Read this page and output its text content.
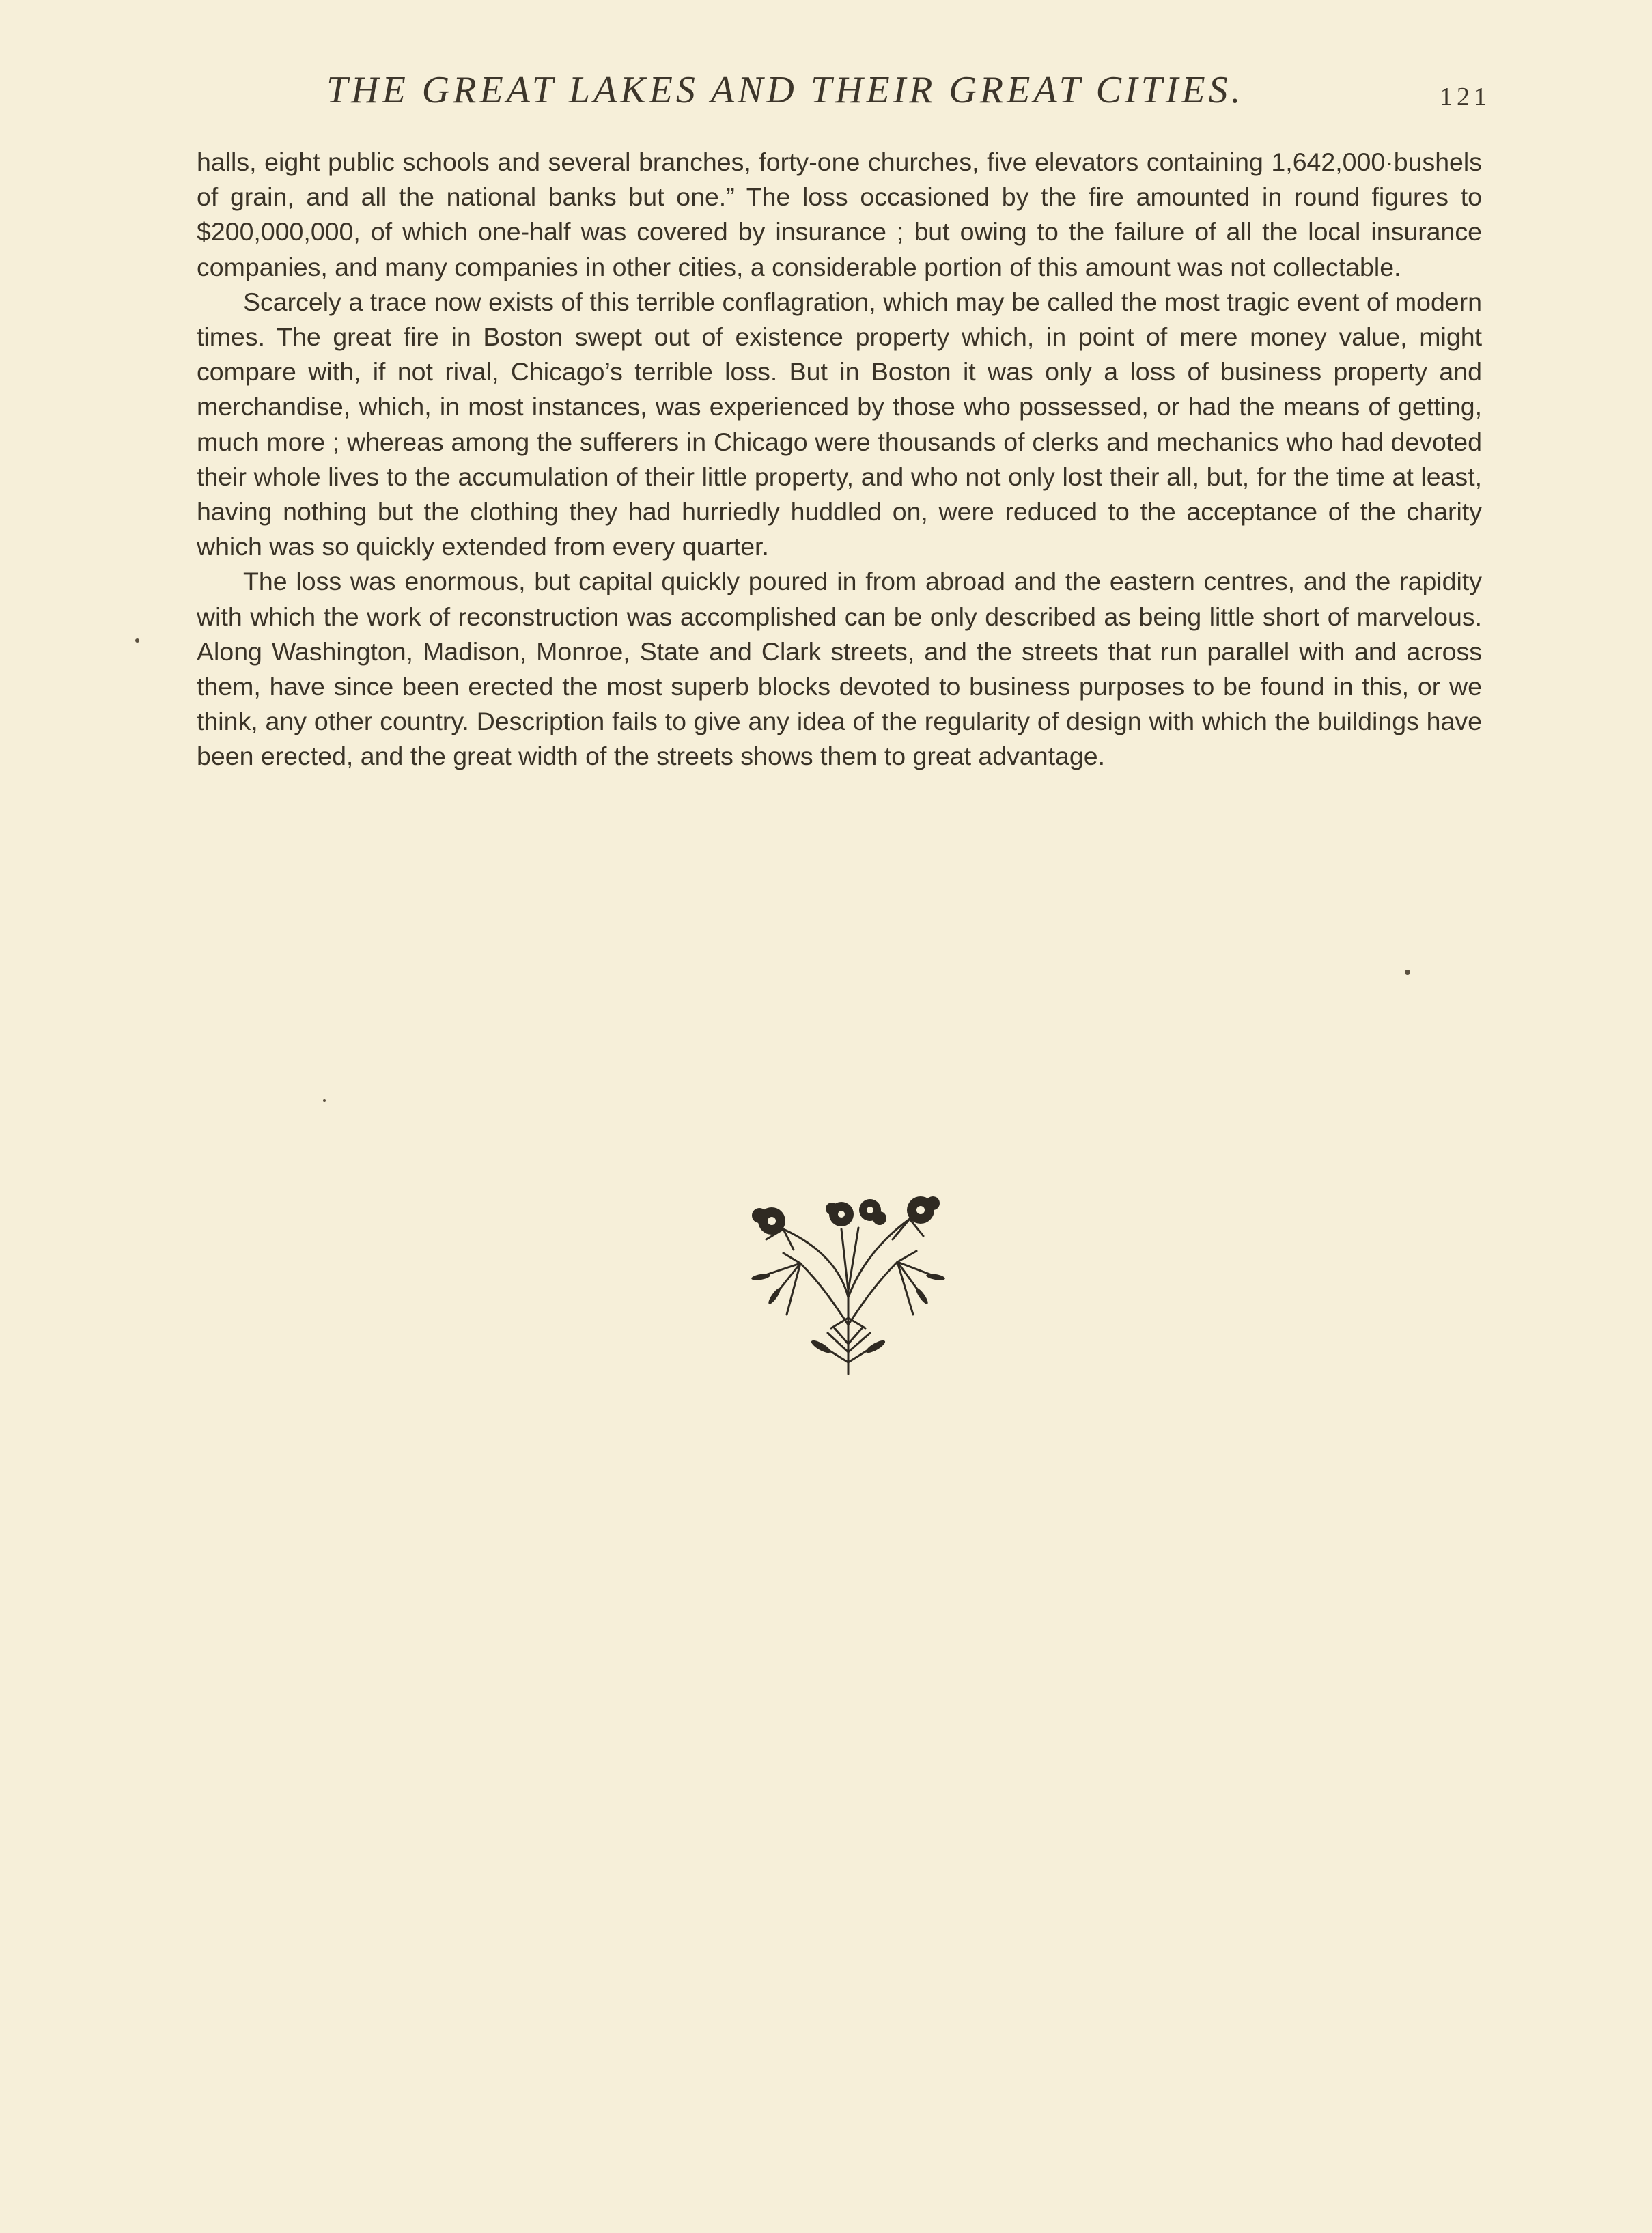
THE GREAT LAKES AND THEIR GREAT CITIES.	121

halls, eight public schools and several branches, forty-one churches, five elevators containing 1,642,000·bushels of grain, and all the national banks but one.” The loss occasioned by the fire amounted in round figures to $200,000,000, of which one-half was covered by insurance ; but owing to the failure of all the local insurance companies, and many companies in other cities, a considerable portion of this amount was not collectable.

Scarcely a trace now exists of this terrible conflagration, which may be called the most tragic event of modern times. The great fire in Boston swept out of existence property which, in point of mere money value, might compare with, if not rival, Chicago’s terrible loss. But in Boston it was only a loss of business property and merchandise, which, in most instances, was experienced by those who possessed, or had the means of getting, much more ; whereas among the sufferers in Chicago were thousands of clerks and mechanics who had devoted their whole lives to the accumulation of their little property, and who not only lost their all, but, for the time at least, having nothing but the clothing they had hurriedly huddled on, were reduced to the acceptance of the charity which was so quickly extended from every quarter.

The loss was enormous, but capital quickly poured in from abroad and the eastern centres, and the rapidity with which the work of reconstruction was accomplished can be only described as being little short of marvelous. Along Washington, Madison, Monroe, State and Clark streets, and the streets that run parallel with and across them, have since been erected the most superb blocks devoted to business purposes to be found in this, or we think, any other country. Description fails to give any idea of the regularity of design with which the buildings have been erected, and the great width of the streets shows them to great advantage.
